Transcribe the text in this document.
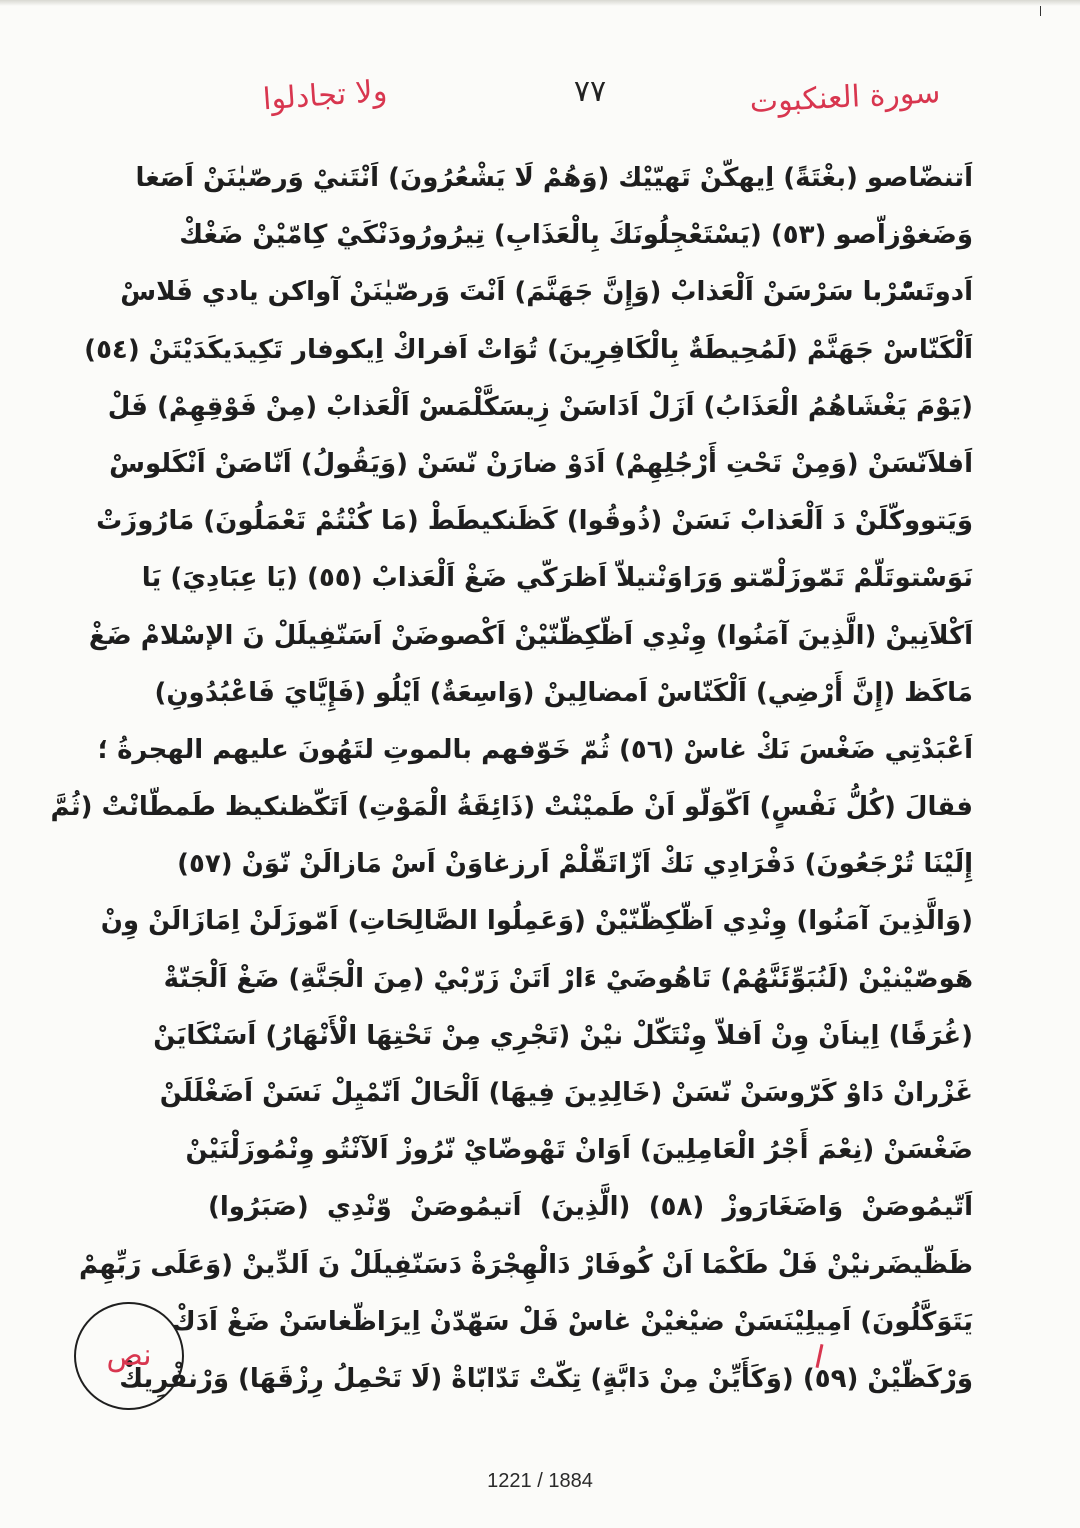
سورة العنكبوت
٧٧
ولا تجادلوا
اَتنضّاصو (بغْتَةً) اِيهكّنْ تَهيّيْك (وَهُمْ لَا يَشْعُرُونَ) اَنْتَنيْ وَرصّيٰنَنْ اَصَغا
وَضَغوْزاّصو (٥٣) (يَسْتَعْجِلُونَكَ بِالْعَذَابِ) تِيرُورُودَنْكَيْ كِامّيْنْ ضَغْكْ
اَدوتَسّْرْبا سَرْسَنْ اَلْعَذابْ (وَإِنَّ جَهَنَّمَ) اَنْتَ وَرصّيٰنَنْ آواكن يادي فَلاسْ
اَلْكَنّاسْ جَهَنَّمْ (لَمُحِيطَةٌ بِالْكَافِرِينَ) تُوَاتْ اَفراكْ اِيكوفار تَكِيدَيكَدَيْتَنْ (٥٤)
(يَوْمَ يَغْشَاهُمُ الْعَذَابُ) اَزَلْ اَدَاسَنْ زِيسَكَّلْمَسْ اَلْعَذابْ (مِنْ فَوْقِهِمْ) فَلْ
اَفلاَنّسَنْ (وَمِنْ تَحْتِ أَرْجُلِهِمْ) اَدَوْ ضارَنْ نّسَنْ (وَيَقُولُ) اَنّاصَنْ اَنْكَلوسْ
وَيَتووكّلَنْ دَ اَلْعَذابْ نَسَنْ (ذُوقُوا) كَظَنكيطَطْ (مَا كُنْتُمْ تَعْمَلُونَ) مَارُوزَتْ
نَوَسْتوتَلّمْ تَمّوزَلْمّتو وَرَاوَنْتيلاّ اَظرَكّي ضَغْ اَلْعَذابْ (٥٥) (يَا عِبَادِيَ) يَا
اَكْلاَنِينْ (الَّذِينَ آمَنُوا) وِنْدِي اَظّكِظّنّيْنْ اَكْصوضَنْ اَسَنّفِيلَلْ نَ الإسْلامْ ضَغْ
مَاكَظ (إِنَّ أَرْضِي) اَلْكَنّاسْ اَمضالِينْ (وَاسِعَةٌ) اَيْلُو (فَإِيَّايَ فَاعْبُدُونِ)
اَعْبَدْتِي ضَغْسَ نَكْ غاسْ (٥٦) ثُمّ خَوّفهم بالموتِ لتَهُونَ عليهم الهجرةُ ؛
فقالَ (كُلُّ نَفْسٍ) اَكّوَلّو اَنْ طَميْنْتْ (ذَائِقَةُ الْمَوْتِ) اَتَكّظنكيظ طَمطّانْتْ (ثُمَّ
إِلَيْنَا تُرْجَعُونَ) دَفْرَادِي نَكْ اَزّاتَقّلْمْ اَرزغاوَنْ اَسْ مَازالَنْ نّوَنْ (٥٧)
(وَالَّذِينَ آمَنُوا) وِنْدِي اَظّكِظّنّيْنْ (وَعَمِلُوا الصَّالِحَاتِ) اَمّوزَلَنْ اِمَازَالَنْ وِنْ
هَوصّيْنيْنْ (لَنُبَوِّئَنَّهُمْ) تَاهُوضَيْ ءَارْ اَتَنْ زَرّبْيْ (مِنَ الْجَنَّةِ) ضَغْ اَلْجَنّةْ
(غُرَفًا) اِيناَنْ وِنْ اَفلاّ وِنْتَكّلْ نيْنْ (تَجْرِي مِنْ تَحْتِهَا الْأَنْهَارُ) اَسَنْكَايَنْ
غَزْرانْ دَاوْ كَرّوسَنْ نّسَنْ (خَالِدِينَ فِيهَا) اَلْحَالْ اَنّمْيِلْ نَسَنْ اَضَغْلَلَنْ
ضَغْسَنْ (نِعْمَ أَجْرُ الْعَامِلِينَ) اَوَانْ تَهْوضّايْ نّرُوزْ اَلآنْتُو وِنْمُوزَلْنَيْنْ
اَتّيمُوصَنْ وَاضَغَارَوزْ (٥٨) (الَّذِينَ) اَتيمُوصَنْ وّنْدِي (صَبَرُوا)
ظَظّيضَرنيْنْ فَلْ طَكْمَا اَنْ كُوفَارْ دَالْهِجْرَةْ دَسَنّفِيلَلْ نَ اَلدِّينْ (وَعَلَى رَبِّهِمْ
يَتَوَكَّلُونَ) اَمِيلِيْنَسَنْ ضيْغيْنْ غاسْ فَلْ سَهّدّنْ اِيرَاظّغاسَنْ ضَغْ اَدَكْ
وَرْكَظّيْنْ (٥٩) (وَكَأَيِّنْ مِنْ دَابَّةٍ) تِكّتْ تَدّابّاةْ (لَا تَحْمِلُ رِزْقَهَا) وَرْنفْرِيكْ
نص
1221 / 1884
